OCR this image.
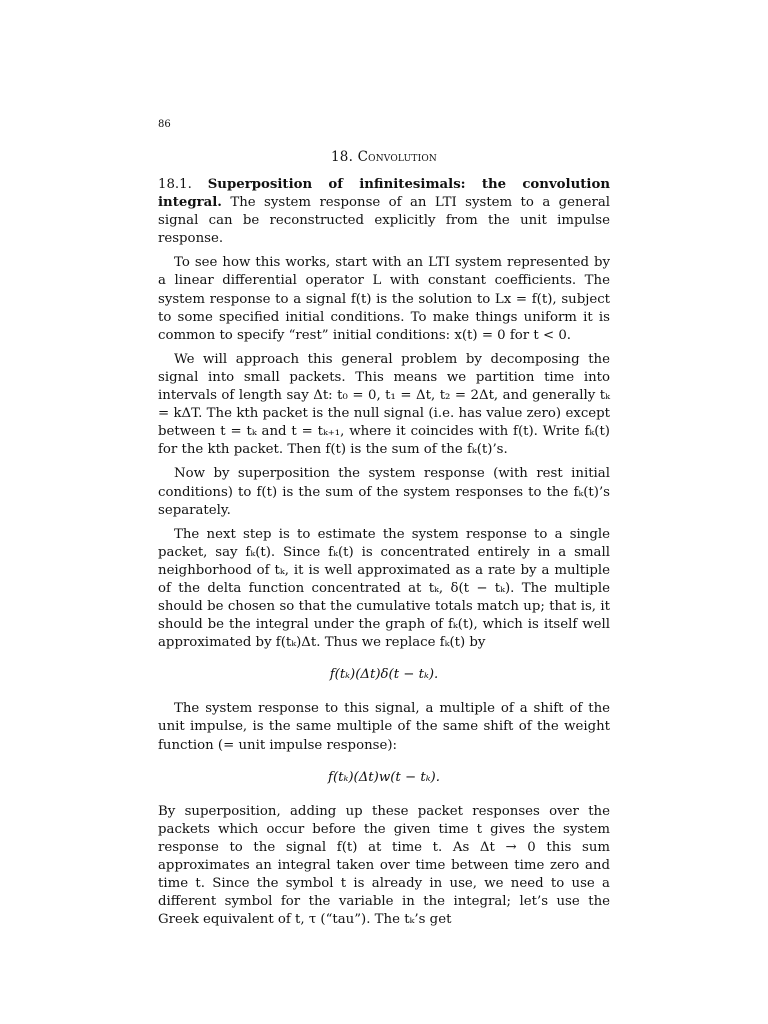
86
18. Convolution

18.1. Superposition of infinitesimals: the convolution integral. The system response of an LTI system to a general signal can be reconstructed explicitly from the unit impulse response.

To see how this works, start with an LTI system represented by a linear differential operator L with constant coefficients. The system response to a signal f(t) is the solution to Lx = f(t), subject to some specified initial conditions. To make things uniform it is common to specify “rest” initial conditions: x(t) = 0 for t < 0.

We will approach this general problem by decomposing the signal into small packets. This means we partition time into intervals of length say Δt: t₀ = 0, t₁ = Δt, t₂ = 2Δt, and generally tₖ = kΔT. The kth packet is the null signal (i.e. has value zero) except between t = tₖ and t = tₖ₊₁, where it coincides with f(t). Write fₖ(t) for the kth packet. Then f(t) is the sum of the fₖ(t)’s.

Now by superposition the system response (with rest initial conditions) to f(t) is the sum of the system responses to the fₖ(t)’s separately.

The next step is to estimate the system response to a single packet, say fₖ(t). Since fₖ(t) is concentrated entirely in a small neighborhood of tₖ, it is well approximated as a rate by a multiple of the delta function concentrated at tₖ, δ(t − tₖ). The multiple should be chosen so that the cumulative totals match up; that is, it should be the integral under the graph of fₖ(t), which is itself well approximated by f(tₖ)Δt. Thus we replace fₖ(t) by

f(tₖ)(Δt)δ(t − tₖ).

The system response to this signal, a multiple of a shift of the unit impulse, is the same multiple of the same shift of the weight function (= unit impulse response):

f(tₖ)(Δt)w(t − tₖ).

By superposition, adding up these packet responses over the packets which occur before the given time t gives the system response to the signal f(t) at time t. As Δt → 0 this sum approximates an integral taken over time between time zero and time t. Since the symbol t is already in use, we need to use a different symbol for the variable in the integral; let’s use the Greek equivalent of t, τ (“tau”). The tₖ’s get
